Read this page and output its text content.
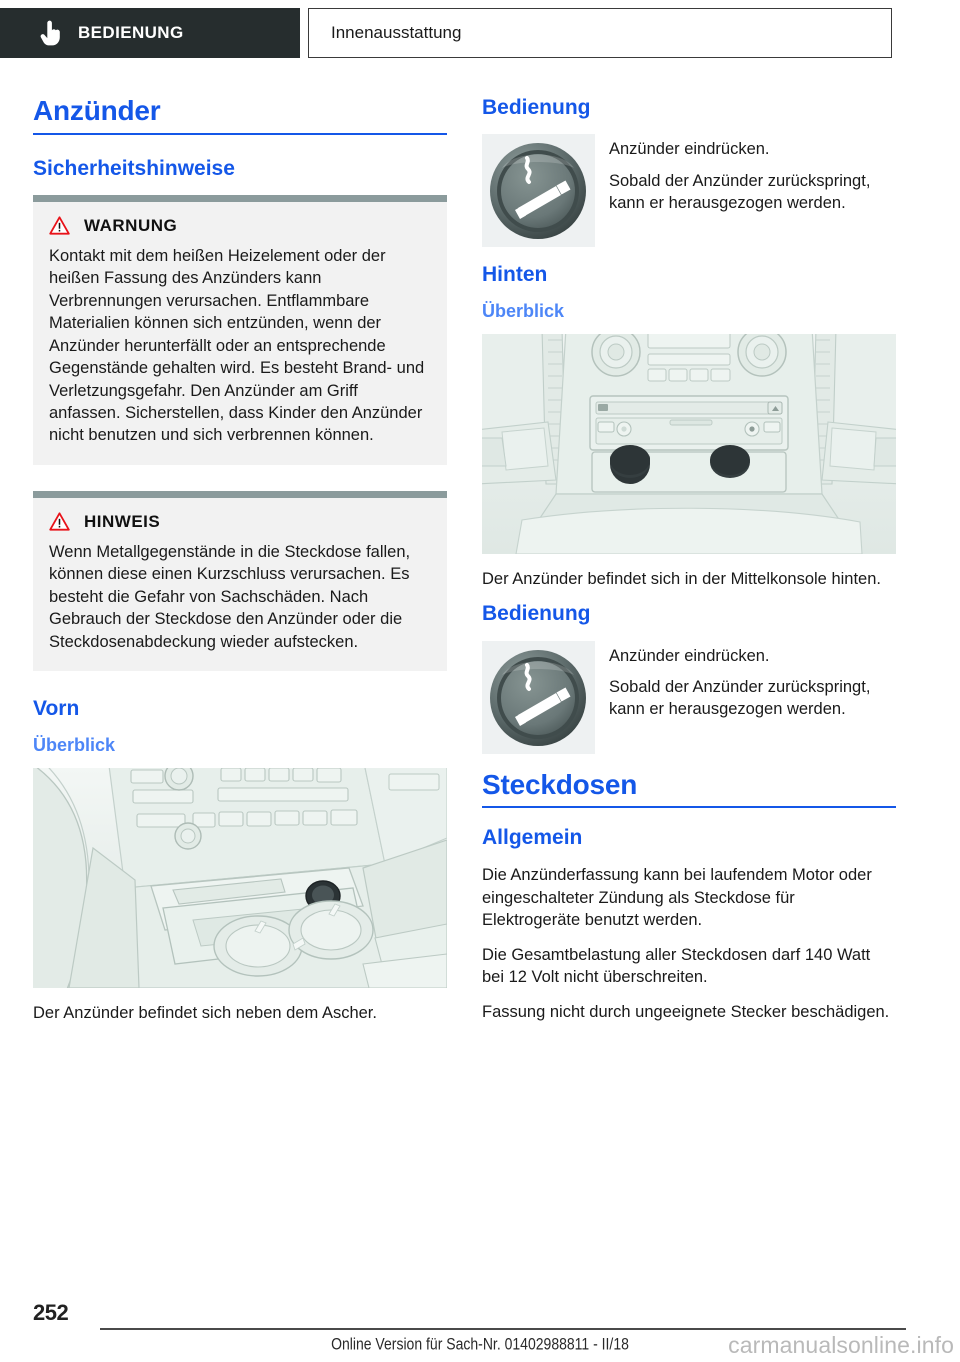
BEDIENUNG	Innenausstattung
Anzünder
Sicherheitshinweise
WARNUNG

Kontakt mit dem heißen Heizelement oder der heißen Fassung des Anzünders kann Verbrennungen verursachen. Entflammbare Materialien können sich entzünden, wenn der Anzünder herunterfällt oder an entsprechende Gegenstände gehalten wird. Es besteht Brand- und Verletzungsgefahr. Den Anzünder am Griff anfassen. Sicherstellen, dass Kinder den Anzünder nicht benutzen und sich verbrennen können.

HINWEIS

Wenn Metallgegenstände in die Steckdose fallen, können diese einen Kurzschluss verursachen. Es besteht die Gefahr von Sachschäden. Nach Gebrauch der Steckdose den Anzünder oder die Steckdosenabdeckung wieder aufstecken.

Vorn
Überblick

Der Anzünder befindet sich neben dem Ascher.

Bedienung

Anzünder eindrücken.

Sobald der Anzünder zurückspringt, kann er herausgezogen werden.

Hinten
Überblick

Der Anzünder befindet sich in der Mittelkonsole hinten.

Bedienung

Anzünder eindrücken.

Sobald der Anzünder zurückspringt, kann er herausgezogen werden.

Steckdosen
Allgemein

Die Anzünderfassung kann bei laufendem Motor oder eingeschalteter Zündung als Steckdose für Elektrogeräte benutzt werden.

Die Gesamtbelastung aller Steckdosen darf 140 Watt bei 12 Volt nicht überschreiten.

Fassung nicht durch ungeeignete Stecker beschädigen.

252
Online Version für Sach-Nr. 01402988811 - II/18	carmanualsonline.info
